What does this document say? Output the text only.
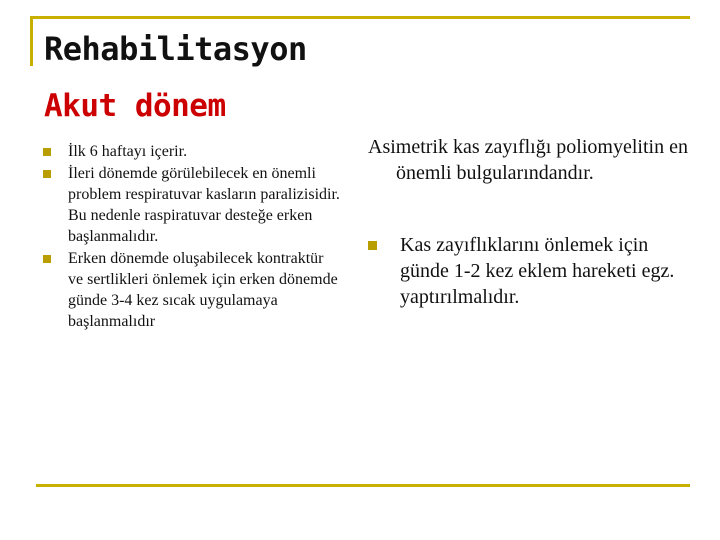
Rehabilitasyon
Akut dönem
İlk 6 haftayı içerir.
İleri dönemde görülebilecek en önemli problem respiratuvar kasların paralizisidir. Bu nedenle raspiratuvar desteğe erken başlanmalıdır.
Erken dönemde oluşabilecek kontraktür ve sertlikleri önlemek için erken dönemde günde 3-4 kez sıcak uygulamaya başlanmalıdır

Asimetrik kas zayıflığı poliomyelitin en önemli bulgularındandır.

Kas zayıflıklarını önlemek için günde 1-2 kez eklem hareketi egz. yaptırılmalıdır.
